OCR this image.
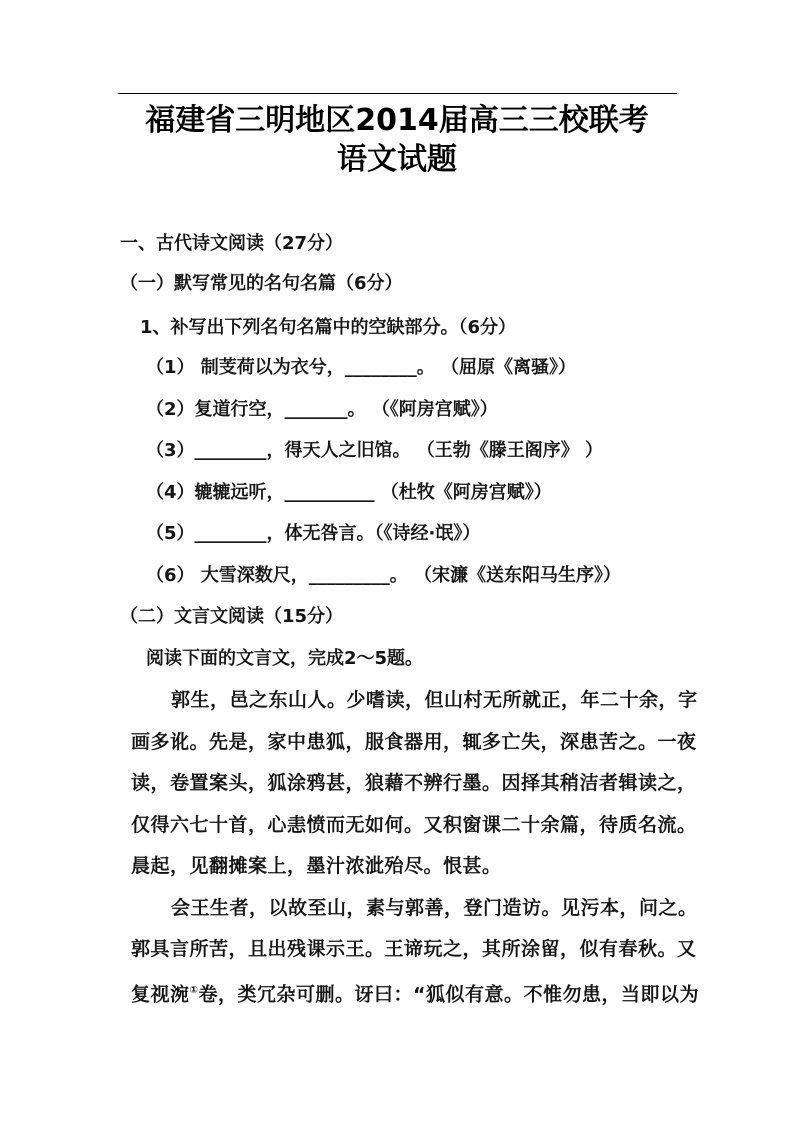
福建省三明地区2014届高三三校联考
语文试题
一、古代诗文阅读（27分）
（一）默写常见的名句名篇（6分）
1、补写出下列名句名篇中的空缺部分。（6分）
（1） 制芰荷以为衣兮，________。 （屈原《离骚》）
（2）复道行空，_______。 （《阿房宫赋》）
（3）________，得天人之旧馆。 （王勃《滕王阁序》 ）
（4）辘辘远听，__________ （杜牧《阿房宫赋》）
（5）________，体无咎言。（《诗经·氓》）
（6） 大雪深数尺，_________。 （宋濂《送东阳马生序》）
（二）文言文阅读（15分）
阅读下面的文言文，完成2～5题。
郭生，邑之东山人。少嗜读，但山村无所就正，年二十余，字
画多讹。先是，家中患狐，服食器用，辄多亡失，深患苦之。一夜
读，卷置案头，狐涂鸦甚，狼藉不辨行墨。因择其稍洁者辑读之，
仅得六七十首，心恚愤而无如何。又积窗课二十余篇，待质名流。
晨起，见翻摊案上，墨汁浓泚殆尽。恨甚。
会王生者，以故至山，素与郭善，登门造访。见污本，问之。
郭具言所苦，且出残课示王。王谛玩之，其所涂留，似有春秋。又
复视涴①卷，类冗杂可删。讶曰：“狐似有意。不惟勿患，当即以为
